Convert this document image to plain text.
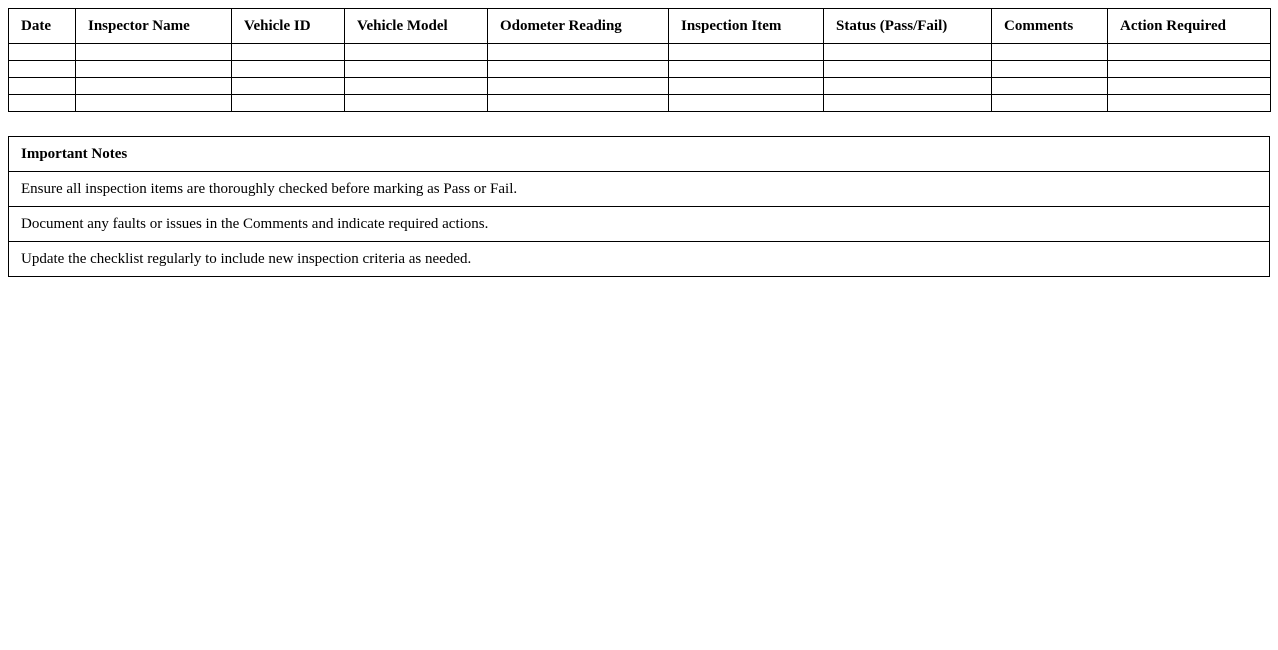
Date	Inspector Name	Vehicle ID	Vehicle Model	Odometer Reading	Inspection Item	Status (Pass/Fail)	Comments	Action Required

Important Notes
Ensure all inspection items are thoroughly checked before marking as Pass or Fail.
Document any faults or issues in the Comments and indicate required actions.
Update the checklist regularly to include new inspection criteria as needed.
